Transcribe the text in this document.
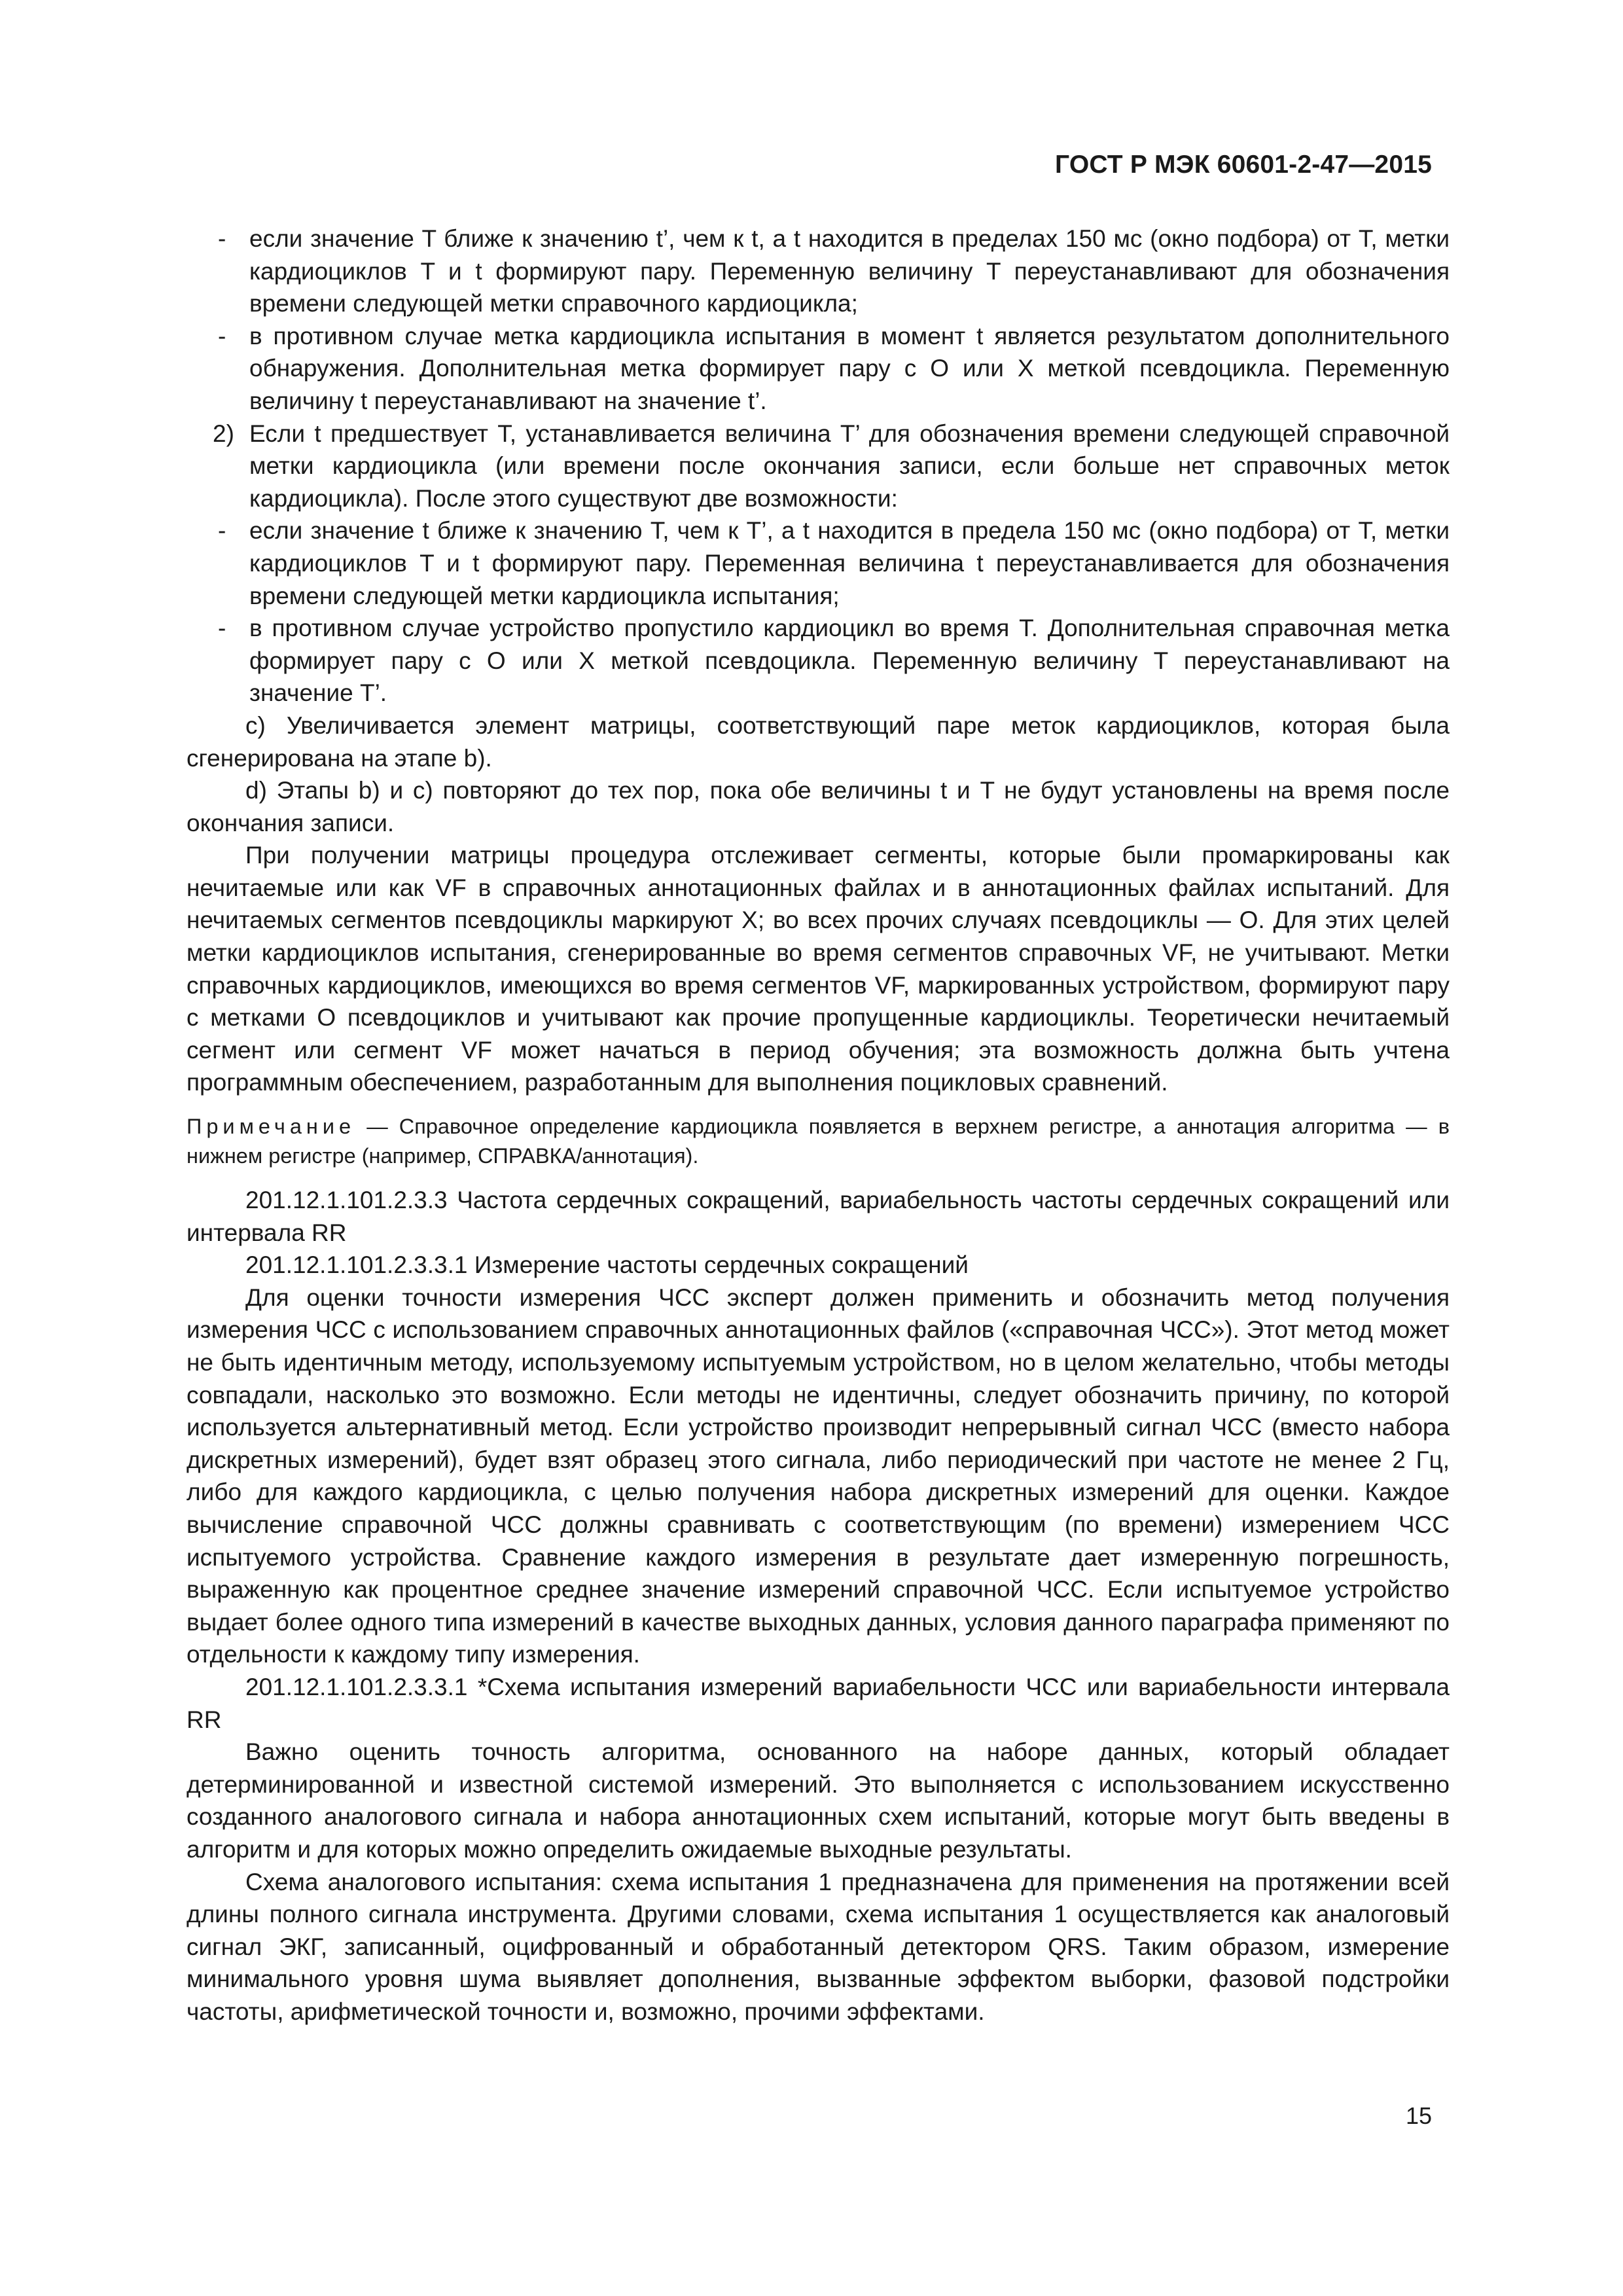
ГОСТ Р МЭК 60601-2-47—2015

- если значение T ближе к значению t’, чем к t, а t находится в пределах 150 мс (окно подбора) от T, метки кардиоциклов T и t формируют пару. Переменную величину T переустанавливают для обозначения времени следующей метки справочного кардиоцикла;

- в противном случае метка кардиоцикла испытания в момент t является результатом дополнительного обнаружения. Дополнительная метка формирует пару с O или X меткой псевдоцикла. Переменную величину t переустанавливают на значение t’.

2) Если t предшествует T, устанавливается величина T’ для обозначения времени следующей справочной метки кардиоцикла (или времени после окончания записи, если больше нет справочных меток кардиоцикла). После этого существуют две возможности:

- если значение t ближе к значению T, чем к T’, а t находится в предела 150 мс (окно подбора) от T, метки кардиоциклов T и t формируют пару. Переменная величина t переустанавливается для обозначения времени следующей метки кардиоцикла испытания;

- в противном случае устройство пропустило кардиоцикл во время T. Дополнительная справочная метка формирует пару с O или X меткой псевдоцикла. Переменную величину T переустанавливают на значение T’.

c) Увеличивается элемент матрицы, соответствующий паре меток кардиоциклов, которая была сгенерирована на этапе b).

d) Этапы b) и c) повторяют до тех пор, пока обе величины t и T не будут установлены на время после окончания записи.

При получении матрицы процедура отслеживает сегменты, которые были промаркированы как нечитаемые или как VF в справочных аннотационных файлах и в аннотационных файлах испытаний. Для нечитаемых сегментов псевдоциклы маркируют X; во всех прочих случаях псевдоциклы — O. Для этих целей метки кардиоциклов испытания, сгенерированные во время сегментов справочных VF, не учитывают. Метки справочных кардиоциклов, имеющихся во время сегментов VF, маркированных устройством, формируют пару с метками O псевдоциклов и учитывают как прочие пропущенные кардиоциклы. Теоретически нечитаемый сегмент или сегмент VF может начаться в период обучения; эта возможность должна быть учтена программным обеспечением, разработанным для выполнения поцикловых сравнений.

Примечание — Справочное определение кардиоцикла появляется в верхнем регистре, а аннотация алгоритма — в нижнем регистре (например, СПРАВКА/аннотация).

201.12.1.101.2.3.3 Частота сердечных сокращений, вариабельность частоты сердечных сокращений или интервала RR

201.12.1.101.2.3.3.1 Измерение частоты сердечных сокращений

Для оценки точности измерения ЧСС эксперт должен применить и обозначить метод получения измерения ЧСС с использованием справочных аннотационных файлов («справочная ЧСС»). Этот метод может не быть идентичным методу, используемому испытуемым устройством, но в целом желательно, чтобы методы совпадали, насколько это возможно. Если методы не идентичны, следует обозначить причину, по которой используется альтернативный метод. Если устройство производит непрерывный сигнал ЧСС (вместо набора дискретных измерений), будет взят образец этого сигнала, либо периодический при частоте не менее 2 Гц, либо для каждого кардиоцикла, с целью получения набора дискретных измерений для оценки. Каждое вычисление справочной ЧСС должны сравнивать с соответствующим (по времени) измерением ЧСС испытуемого устройства. Сравнение каждого измерения в результате дает измеренную погрешность, выраженную как процентное среднее значение измерений справочной ЧСС. Если испытуемое устройство выдает более одного типа измерений в качестве выходных данных, условия данного параграфа применяют по отдельности к каждому типу измерения.

201.12.1.101.2.3.3.1 *Схема испытания измерений вариабельности ЧСС или вариабельности интервала RR

Важно оценить точность алгоритма, основанного на наборе данных, который обладает детерминированной и известной системой измерений. Это выполняется с использованием искусственно созданного аналогового сигнала и набора аннотационных схем испытаний, которые могут быть введены в алгоритм и для которых можно определить ожидаемые выходные результаты.

Схема аналогового испытания: схема испытания 1 предназначена для применения на протяжении всей длины полного сигнала инструмента. Другими словами, схема испытания 1 осуществляется как аналоговый сигнал ЭКГ, записанный, оцифрованный и обработанный детектором QRS. Таким образом, измерение минимального уровня шума выявляет дополнения, вызванные эффектом выборки, фазовой подстройки частоты, арифметической точности и, возможно, прочими эффектами.

15
